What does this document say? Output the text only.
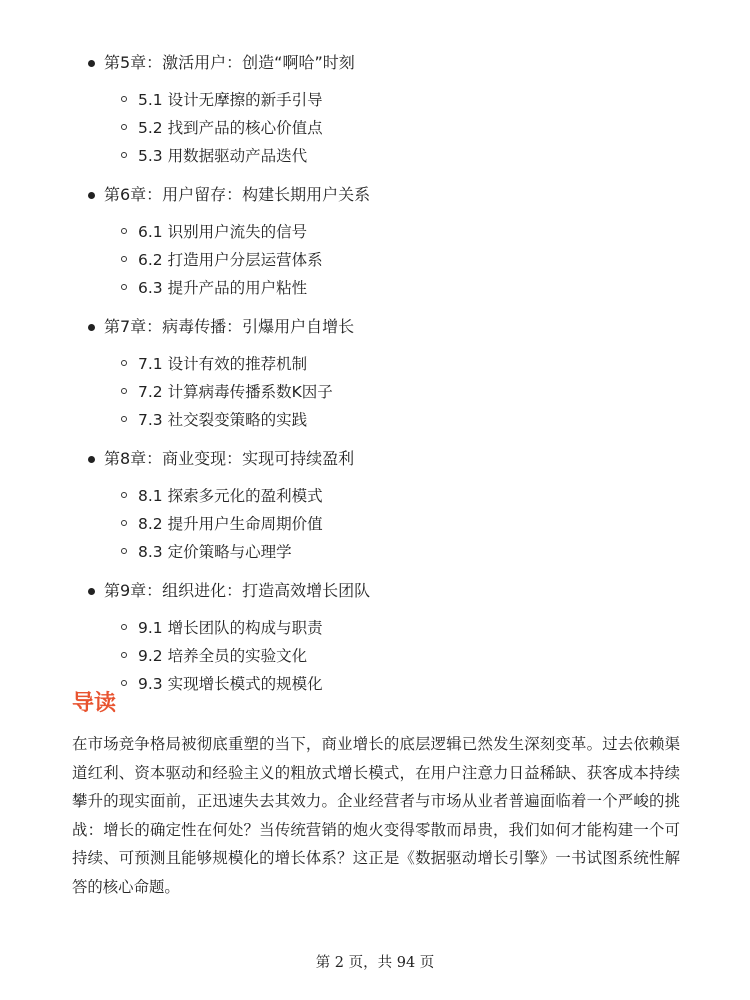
第5章：激活用户：创造“啊哈”时刻
5.1 设计无摩擦的新手引导
5.2 找到产品的核心价值点
5.3 用数据驱动产品迭代
第6章：用户留存：构建长期用户关系
6.1 识别用户流失的信号
6.2 打造用户分层运营体系
6.3 提升产品的用户粘性
第7章：病毒传播：引爆用户自增长
7.1 设计有效的推荐机制
7.2 计算病毒传播系数K因子
7.3 社交裂变策略的实践
第8章：商业变现：实现可持续盈利
8.1 探索多元化的盈利模式
8.2 提升用户生命周期价值
8.3 定价策略与心理学
第9章：组织进化：打造高效增长团队
9.1 增长团队的构成与职责
9.2 培养全员的实验文化
9.3 实现增长模式的规模化
导读

在市场竞争格局被彻底重塑的当下，商业增长的底层逻辑已然发生深刻变革。过去依赖渠道红利、资本驱动和经验主义的粗放式增长模式，在用户注意力日益稀缺、获客成本持续攀升的现实面前，正迅速失去其效力。企业经营者与市场从业者普遍面临着一个严峻的挑战：增长的确定性在何处？当传统营销的炮火变得零散而昂贵，我们如何才能构建一个可持续、可预测且能够规模化的增长体系？这正是《数据驱动增长引擎》一书试图系统性解答的核心命题。

第 2 页，共 94 页
